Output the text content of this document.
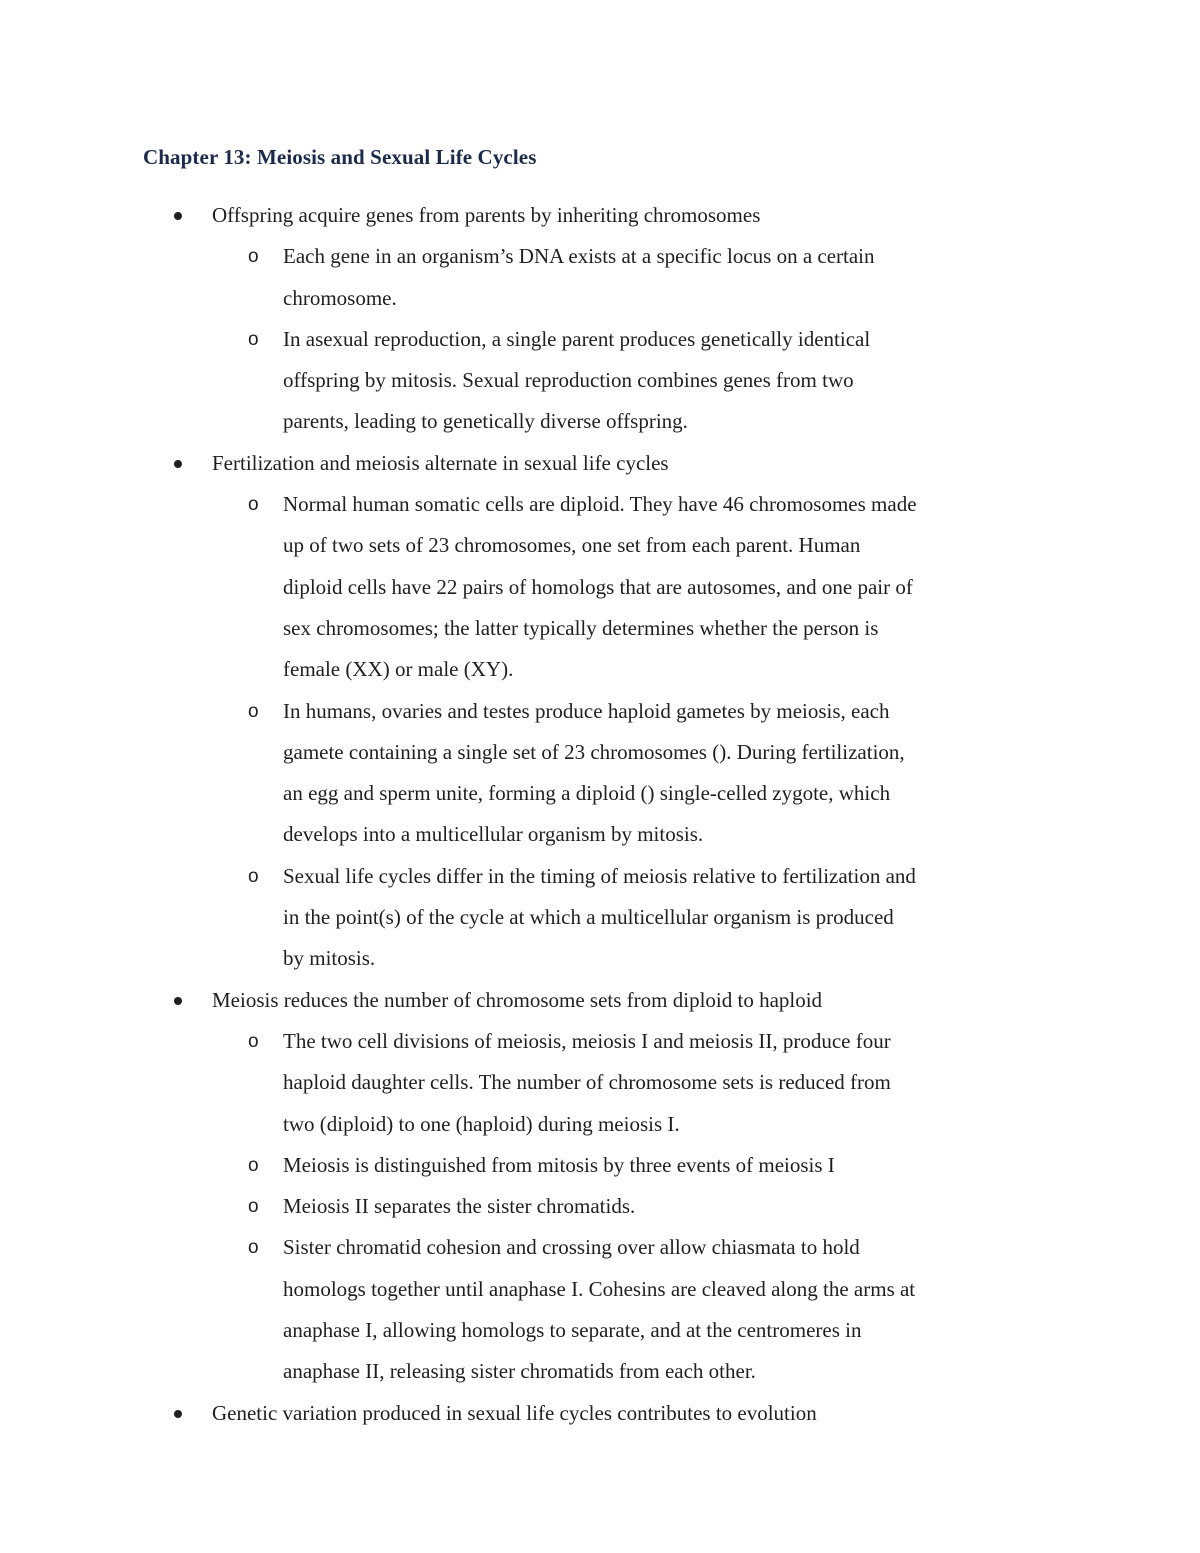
Chapter 13: Meiosis and Sexual Life Cycles
Offspring acquire genes from parents by inheriting chromosomes
o Each gene in an organism’s DNA exists at a specific locus on a certain chromosome.
o In asexual reproduction, a single parent produces genetically identical offspring by mitosis. Sexual reproduction combines genes from two parents, leading to genetically diverse offspring.
Fertilization and meiosis alternate in sexual life cycles
o Normal human somatic cells are diploid. They have 46 chromosomes made up of two sets of 23 chromosomes, one set from each parent. Human diploid cells have 22 pairs of homologs that are autosomes, and one pair of sex chromosomes; the latter typically determines whether the person is female (XX) or male (XY).
o In humans, ovaries and testes produce haploid gametes by meiosis, each gamete containing a single set of 23 chromosomes (). During fertilization, an egg and sperm unite, forming a diploid () single-celled zygote, which develops into a multicellular organism by mitosis.
o Sexual life cycles differ in the timing of meiosis relative to fertilization and in the point(s) of the cycle at which a multicellular organism is produced by mitosis.
Meiosis reduces the number of chromosome sets from diploid to haploid
o The two cell divisions of meiosis, meiosis I and meiosis II, produce four haploid daughter cells. The number of chromosome sets is reduced from two (diploid) to one (haploid) during meiosis I.
o Meiosis is distinguished from mitosis by three events of meiosis I
o Meiosis II separates the sister chromatids.
o Sister chromatid cohesion and crossing over allow chiasmata to hold homologs together until anaphase I. Cohesins are cleaved along the arms at anaphase I, allowing homologs to separate, and at the centromeres in anaphase II, releasing sister chromatids from each other.
Genetic variation produced in sexual life cycles contributes to evolution
